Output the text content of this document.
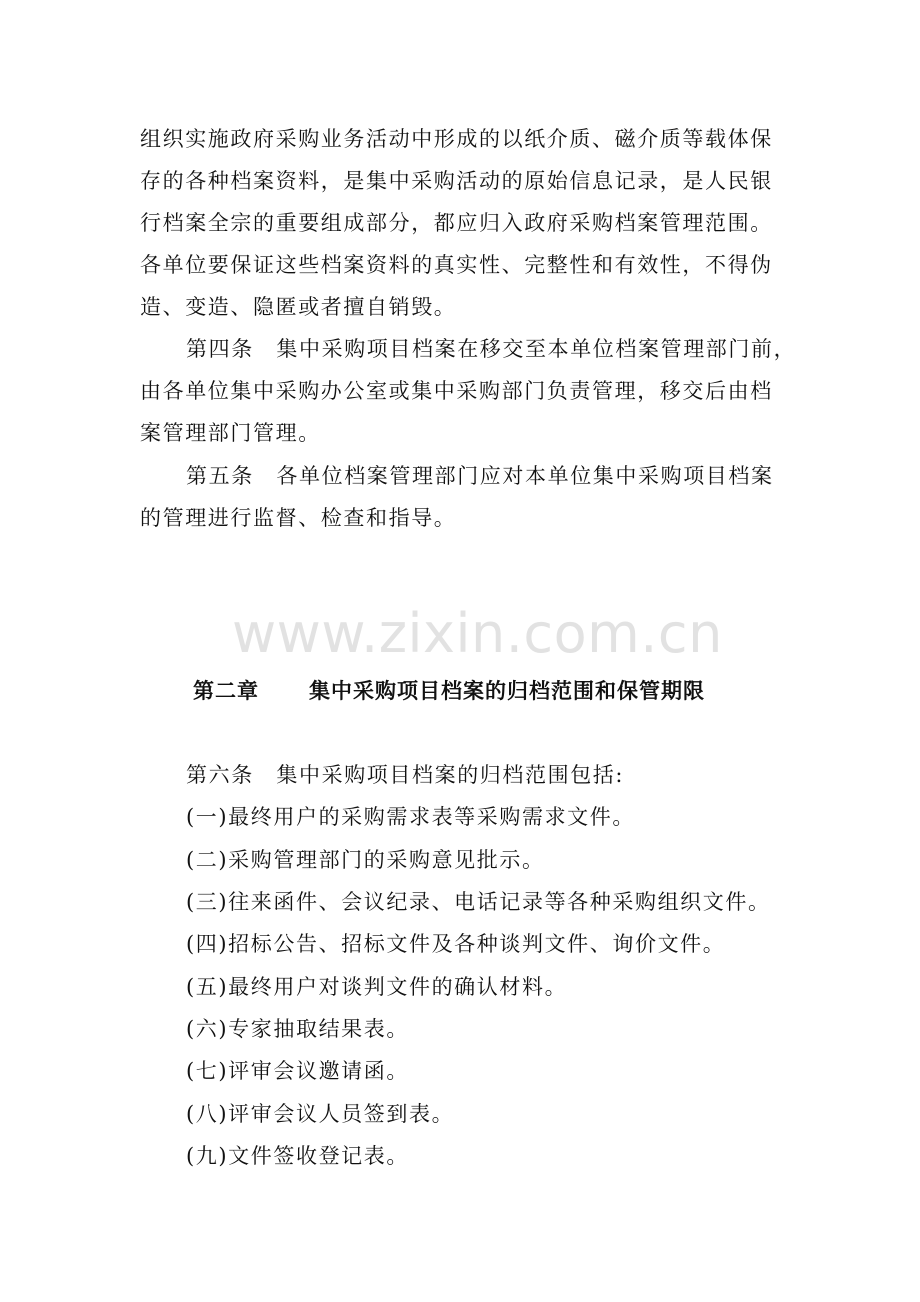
组织实施政府采购业务活动中形成的以纸介质、磁介质等载体保
存的各种档案资料，是集中采购活动的原始信息记录，是人民银
行档案全宗的重要组成部分，都应归入政府采购档案管理范围。
各单位要保证这些档案资料的真实性、完整性和有效性，不得伪
造、变造、隐匿或者擅自销毁。
第四条　集中采购项目档案在移交至本单位档案管理部门前，
由各单位集中采购办公室或集中采购部门负责管理，移交后由档
案管理部门管理。
第五条　各单位档案管理部门应对本单位集中采购项目档案
的管理进行监督、检查和指导。
www.zixin.com.cn
第二章 集中采购项目档案的归档范围和保管期限
第六条　集中采购项目档案的归档范围包括:
(一)最终用户的采购需求表等采购需求文件。
(二)采购管理部门的采购意见批示。
(三)往来函件、会议纪录、电话记录等各种采购组织文件。
(四)招标公告、招标文件及各种谈判文件、询价文件。
(五)最终用户对谈判文件的确认材料。
(六)专家抽取结果表。
(七)评审会议邀请函。
(八)评审会议人员签到表。
(九)文件签收登记表。
